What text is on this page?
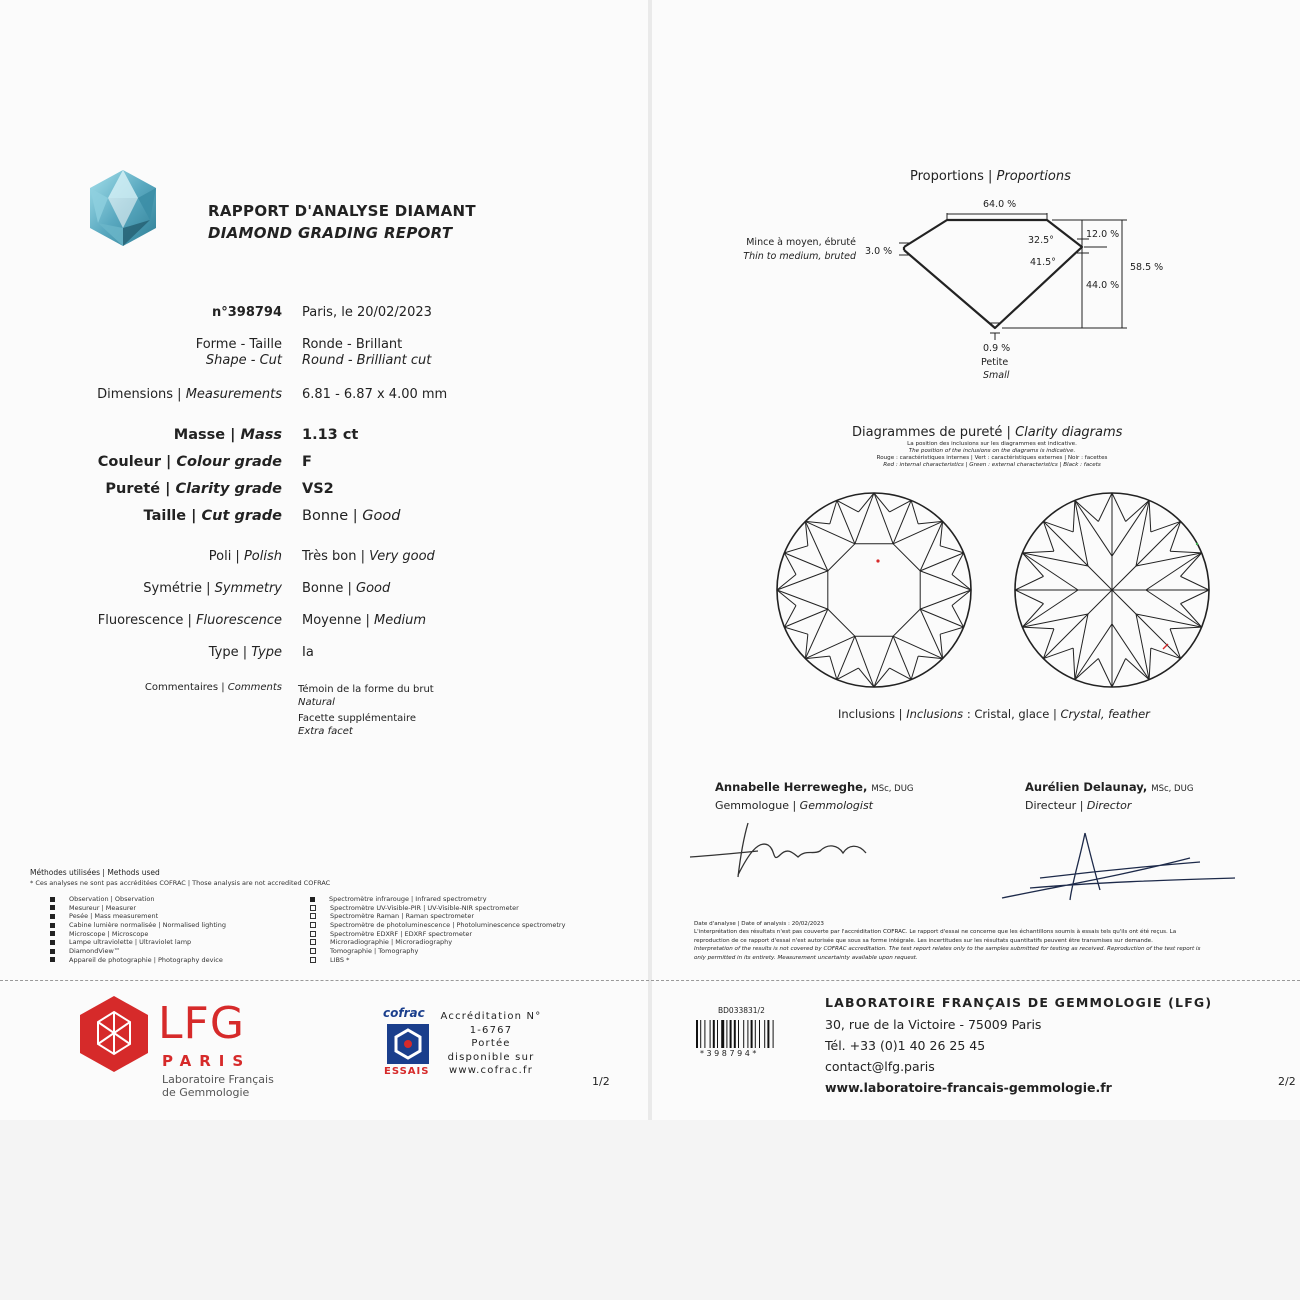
RAPPORT D'ANALYSE DIAMANT
DIAMOND GRADING REPORT
n°398794 Paris, le 20/02/2023
Forme - Taille
Shape - Cut
Ronde - Brillant
Round - Brilliant cut
Dimensions | Measurements 6.81 - 6.87 x 4.00 mm
Masse | Mass 1.13 ct
Couleur | Colour grade F
Pureté | Clarity grade VS2
Taille | Cut grade Bonne | Good
Poli | Polish Très bon | Very good
Symétrie | Symmetry Bonne | Good
Fluorescence | Fluorescence Moyenne | Medium
Type | Type Ia
Commentaires | Comments Témoin de la forme du brut
Natural
Facette supplémentaire
Extra facet
Méthodes utilisées | Methods used
* Ces analyses ne sont pas accréditées COFRAC | Those analysis are not accredited COFRAC
Observation | Observation
Mesureur | Measurer
Pesée | Mass measurement
Cabine lumière normalisée | Normalised lighting
Microscope | Microscope
Lampe ultraviolette | Ultraviolet lamp
DiamondView™
Appareil de photographie | Photography device
Spectromètre infrarouge | Infrared spectrometry
Spectromètre UV-Visible-PIR | UV-Visible-NIR spectrometer
Spectromètre Raman | Raman spectrometer
Spectromètre de photoluminescence | Photoluminescence spectrometry
Spectromètre EDXRF | EDXRF spectrometer
Microradiographie | Microradiography
Tomographie | Tomography
LIBS *
LFG
PARIS
Laboratoire Français
de Gemmologie
cofrac
ESSAIS
Accréditation N°
1-6767
Portée
disponible sur
www.cofrac.fr
1/2
Proportions | Proportions
64.0 %
3.0 %
32.5°
41.5°
12.0 %
44.0 %
58.5 %
Mince à moyen, ébruté
Thin to medium, bruted
0.9 %
Petite
Small
Diagrammes de pureté | Clarity diagrams
La position des inclusions sur les diagrammes est indicative.
The position of the inclusions on the diagrams is indicative.
Rouge : caractéristiques internes | Vert : caractéristiques externes | Noir : facettes
Red : internal characteristics | Green : external characteristics | Black : facets
Inclusions | Inclusions : Cristal, glace | Crystal, feather
Annabelle Herreweghe, MSc, DUG
Gemmologue | Gemmologist
Aurélien Delaunay, MSc, DUG
Directeur | Director
Date d'analyse | Date of analysis : 20/02/2023
L'interprétation des résultats n'est pas couverte par l'accréditation COFRAC. Le rapport d'essai ne concerne que les échantillons soumis à essais tels qu'ils ont été reçus. La
reproduction de ce rapport d'essai n'est autorisée que sous sa forme intégrale. Les incertitudes sur les résultats quantitatifs peuvent être transmises sur demande.
Interpretation of the results is not covered by COFRAC accreditation. The test report relates only to the samples submitted for testing as received. Reproduction of the test report is
only permitted in its entirety. Measurement uncertainty available upon request.
BD033831/2
* 3 9 8 7 9 4 *
LABORATOIRE FRANÇAIS DE GEMMOLOGIE (LFG)
30, rue de la Victoire - 75009 Paris
Tél. +33 (0)1 40 26 25 45
contact@lfg.paris
www.laboratoire-francais-gemmologie.fr	2/2
